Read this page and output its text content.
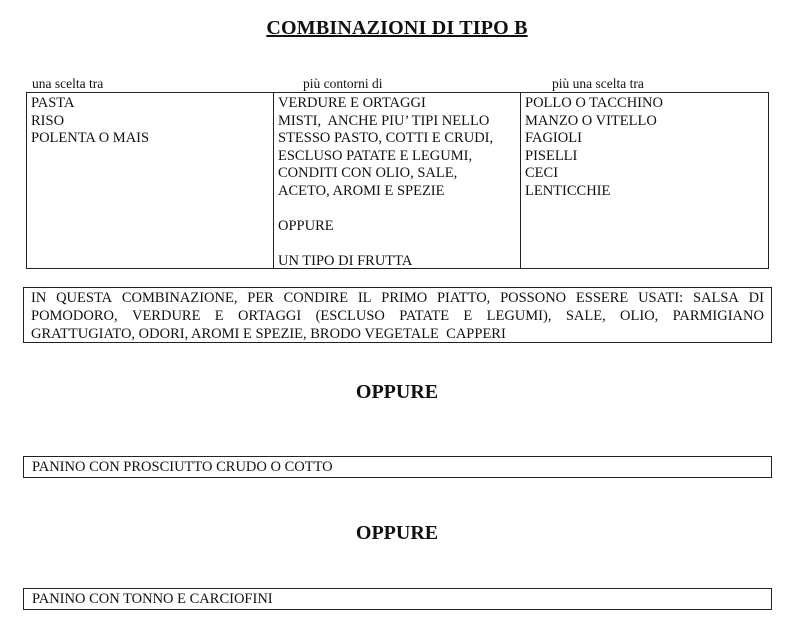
COMBINAZIONI DI TIPO B
una scelta tra	più contorni di	più una scelta tra
PASTA
RISO
POLENTA O MAIS
VERDURE E ORTAGGI
MISTI,  ANCHE PIU’ TIPI NELLO
STESSO PASTO, COTTI E CRUDI,
ESCLUSO PATATE E LEGUMI,
CONDITI CON OLIO, SALE,
ACETO, AROMI E SPEZIE

OPPURE

UN TIPO DI FRUTTA
POLLO O TACCHINO
MANZO O VITELLO
FAGIOLI
PISELLI
CECI
LENTICCHIE
IN QUESTA COMBINAZIONE, PER CONDIRE IL PRIMO PIATTO, POSSONO ESSERE USATI: SALSA DI
POMODORO, VERDURE E ORTAGGI (ESCLUSO PATATE E LEGUMI), SALE, OLIO, PARMIGIANO
GRATTUGIATO, ODORI, AROMI E SPEZIE, BRODO VEGETALE  CAPPERI
OPPURE
PANINO CON PROSCIUTTO CRUDO O COTTO
OPPURE
PANINO CON TONNO E CARCIOFINI
